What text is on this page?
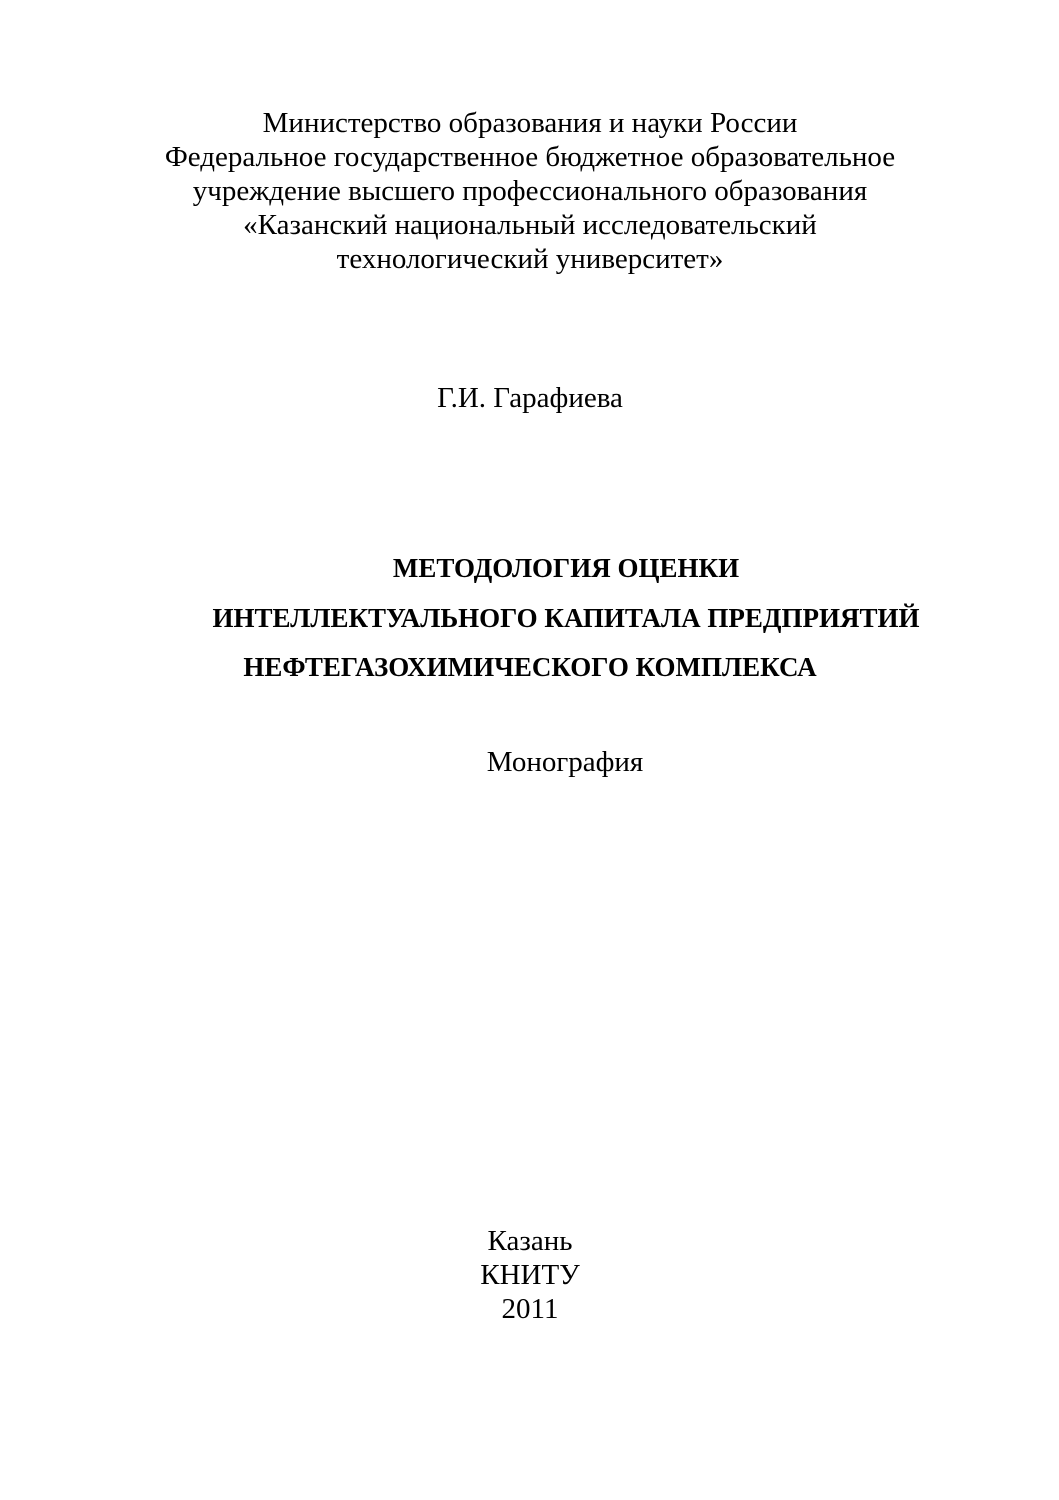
Министерство образования и науки России
Федеральное государственное бюджетное образовательное
учреждение высшего профессионального образования
«Казанский национальный исследовательский
технологический университет»
Г.И. Гарафиева
МЕТОДОЛОГИЯ ОЦЕНКИ
ИНТЕЛЛЕКТУАЛЬНОГО КАПИТАЛА ПРЕДПРИЯТИЙ
НЕФТЕГАЗОХИМИЧЕСКОГО КОМПЛЕКСА
Монография
Казань
КНИТУ
2011
